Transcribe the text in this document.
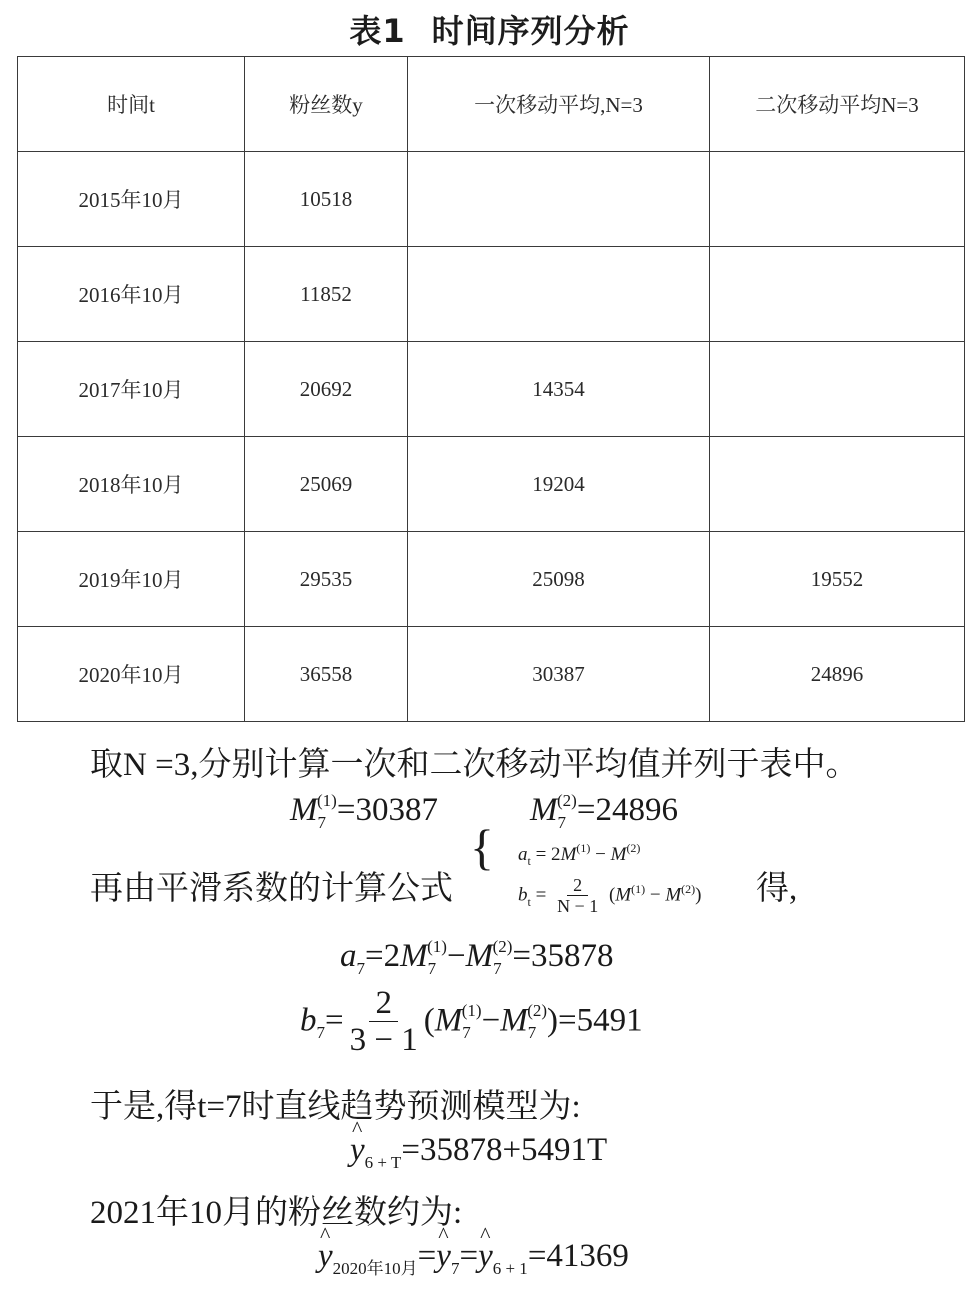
表1 时间序列分析
时间t	粉丝数y	一次移动平均,N=3	二次移动平均N=3
2015年10月	10518		
2016年10月	11852		
2017年10月	20692	14354	
2018年10月	25069	19204	
2019年10月	29535	25098	19552
2020年10月	36558	30387	24896
取N =3,分别计算一次和二次移动平均值并列于表中。
$M_7^{(1)}=30387$	$M_7^{(2)}=24896$
再由平滑系数的计算公式
{ $a_t = 2M^{(1)} - M^{(2)}$
$b_t = \frac{2}{N - 1} (M^{(1)} - M^{(2)})$ 得,
$a_7=2M_7^{(1)}-M_7^{(2)}=35878$
$b_7= \frac{2}{3 - 1} (M_7^{(1)}-M_7^{(2)})=5491$
于是,得t=7时直线趋势预测模型为:
^ $y_{6 + T}=35878+5491T$
2021年10月的粉丝数约为:
^ $y_{2020年10月}=\^{}$ $y_7=\^{}$ $y_{6 + 1}=41369$
